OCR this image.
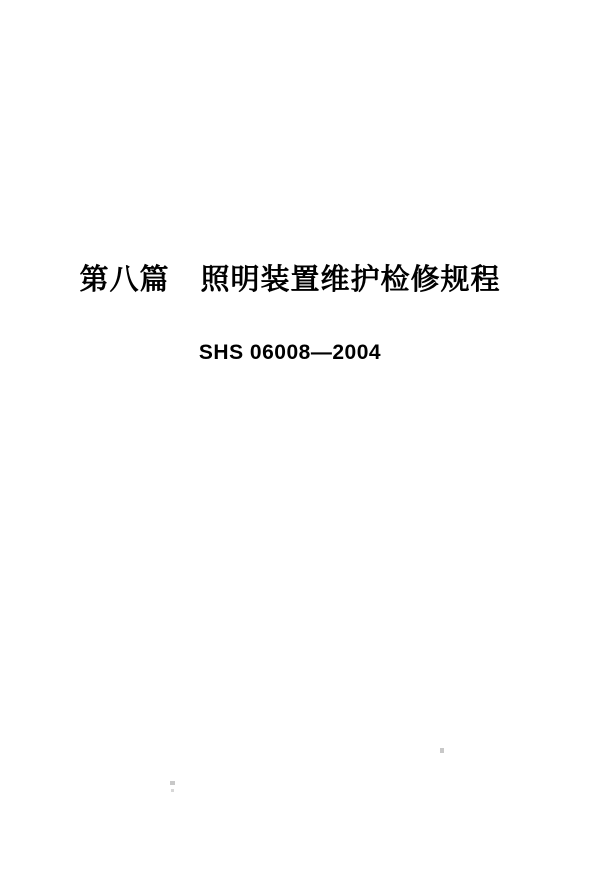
第八篇 照明装置维护检修规程
SHS 06008—2004
